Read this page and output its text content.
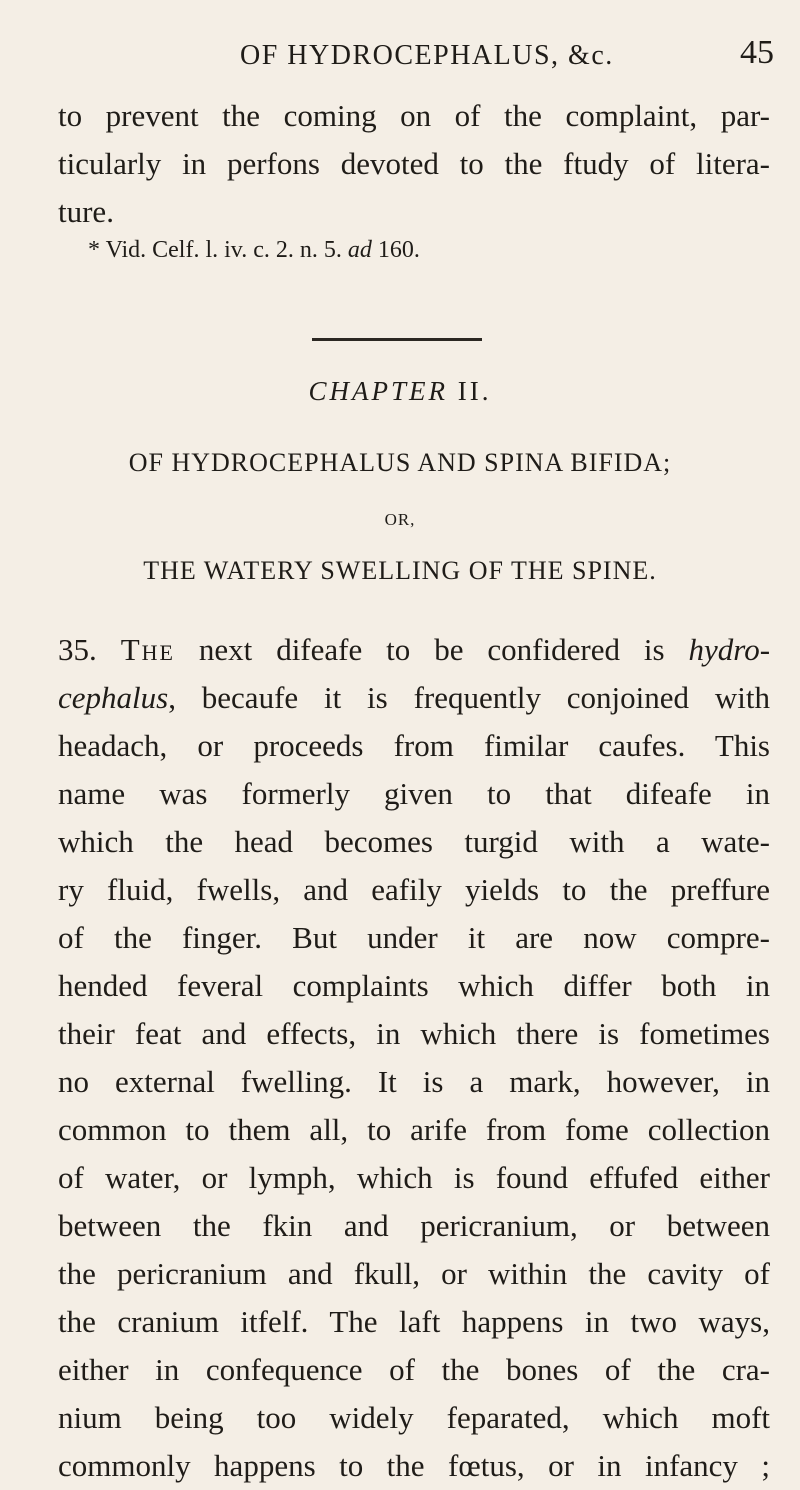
OF HYDROCEPHALUS, &c.	45
to prevent the coming on of the complaint, par-
ticularly in perfons devoted to the ftudy of litera-
ture.
* Vid. Celf. l. iv. c. 2. n. 5. ad 160.
CHAPTER II.
OF HYDROCEPHALUS AND SPINA BIFIDA;
OR,
THE WATERY SWELLING OF THE SPINE.
35. The next difeafe to be confidered is hydro-
cephalus, becaufe it is frequently conjoined with
headach, or proceeds from fimilar caufes. This
name was formerly given to that difeafe in
which the head becomes turgid with a wate-
ry fluid, fwells, and eafily yields to the preffure
of the finger. But under it are now compre-
hended feveral complaints which differ both in
their feat and effects, in which there is fometimes
no external fwelling. It is a mark, however, in
common to them all, to arife from fome collection
of water, or lymph, which is found effufed either
between the fkin and pericranium, or between
the pericranium and fkull, or within the cavity of
the cranium itfelf. The laft happens in two ways,
either in confequence of the bones of the cra-
nium being too widely feparated, which moft
commonly happens to the fœtus, or in infancy ;
